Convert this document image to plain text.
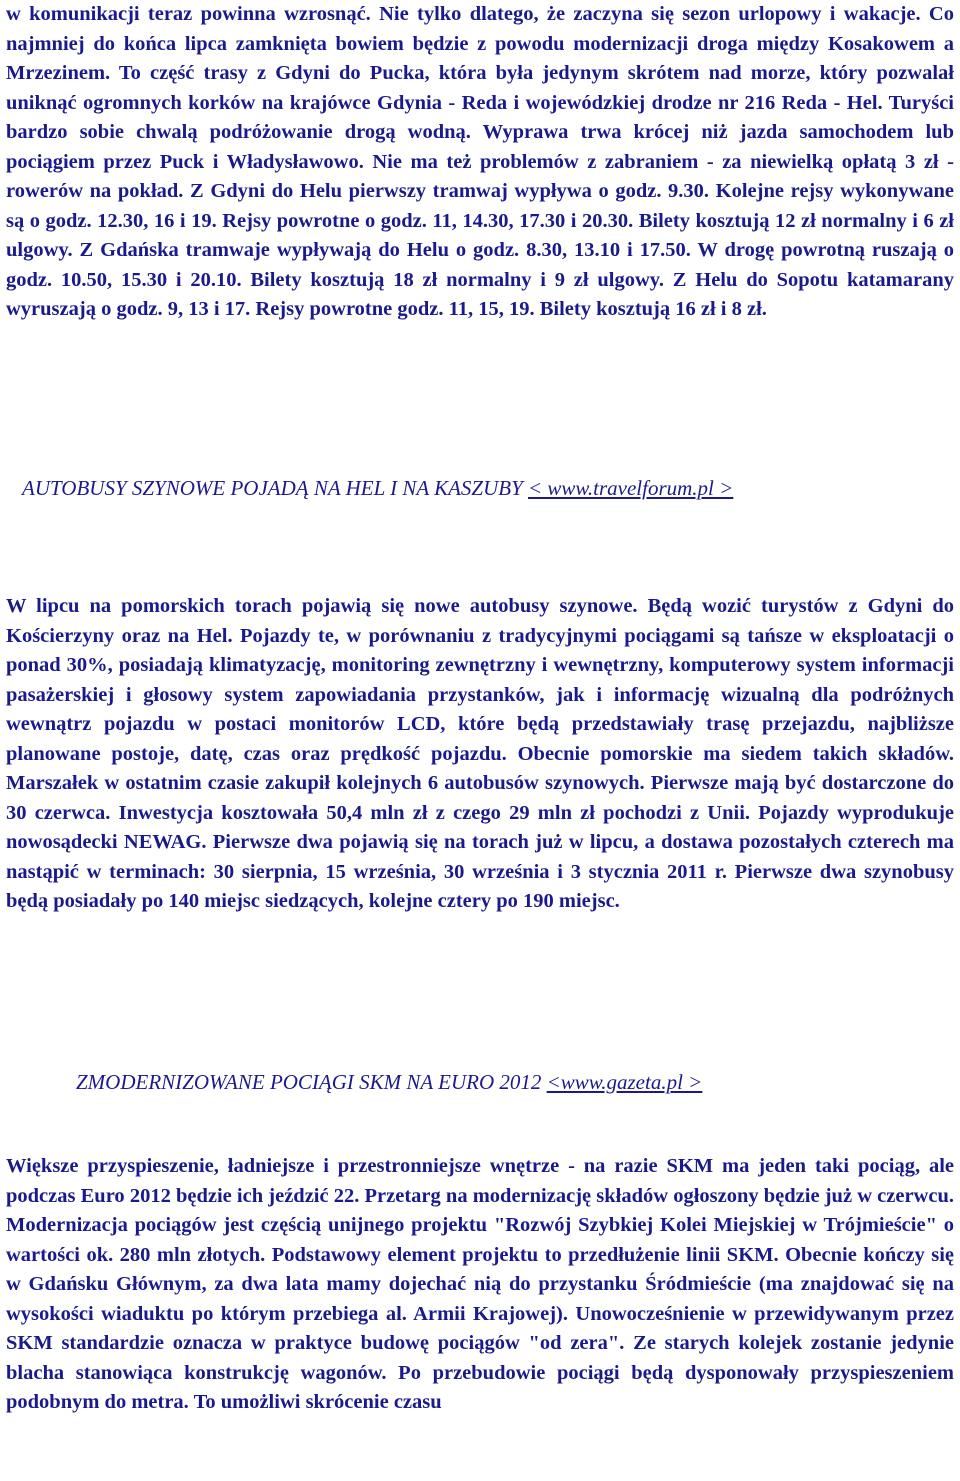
w komunikacji teraz powinna wzrosnąć. Nie tylko dlatego, że zaczyna się sezon urlopowy i wakacje. Co najmniej do końca lipca zamknięta bowiem będzie z powodu modernizacji droga między Kosakowem a Mrzezinem. To część trasy z Gdyni do Pucka, która była jedynym skrótem nad morze, który pozwalał uniknąć ogromnych korków na krajówce Gdynia - Reda i wojewódzkiej drodze nr 216 Reda - Hel. Turyści bardzo sobie chwalą podróżowanie drogą wodną. Wyprawa trwa krócej niż jazda samochodem lub pociągiem przez Puck i Władysławowo. Nie ma też problemów z zabraniem - za niewielką opłatą 3 zł - rowerów na pokład. Z Gdyni do Helu pierwszy tramwaj wypływa o godz. 9.30. Kolejne rejsy wykonywane są o godz. 12.30, 16 i 19. Rejsy powrotne o godz. 11, 14.30, 17.30 i 20.30. Bilety kosztują 12 zł normalny i 6 zł ulgowy. Z Gdańska tramwaje wypływają do Helu o godz. 8.30, 13.10 i 17.50. W drogę powrotną ruszają o godz. 10.50, 15.30 i 20.10. Bilety kosztują 18 zł normalny i 9 zł ulgowy. Z Helu do Sopotu katamarany wyruszają o godz. 9, 13 i 17. Rejsy powrotne godz. 11, 15, 19. Bilety kosztują 16 zł i 8 zł.

AUTOBUSY SZYNOWE POJADĄ NA HEL I NA KASZUBY < www.travelforum.pl >

W lipcu na pomorskich torach pojawią się nowe autobusy szynowe. Będą wozić turystów z Gdyni do Kościerzyny oraz na Hel. Pojazdy te, w porównaniu z tradycyjnymi pociągami są tańsze w eksploatacji o ponad 30%, posiadają klimatyzację, monitoring zewnętrzny i wewnętrzny, komputerowy system informacji pasażerskiej i głosowy system zapowiadania przystanków, jak i informację wizualną dla podróżnych wewnątrz pojazdu w postaci monitorów LCD, które będą przedstawiały trasę przejazdu, najbliższe planowane postoje, datę, czas oraz prędkość pojazdu. Obecnie pomorskie ma siedem takich składów. Marszałek w ostatnim czasie zakupił kolejnych 6 autobusów szynowych. Pierwsze mają być dostarczone do 30 czerwca. Inwestycja kosztowała 50,4 mln zł z czego 29 mln zł pochodzi z Unii. Pojazdy wyprodukuje nowosądecki NEWAG. Pierwsze dwa pojawią się na torach już w lipcu, a dostawa pozostałych czterech ma nastąpić w terminach: 30 sierpnia, 15 września, 30 września i 3 stycznia 2011 r. Pierwsze dwa szynobusy będą posiadały po 140 miejsc siedzących, kolejne cztery po 190 miejsc.

ZMODERNIZOWANE POCIĄGI SKM NA EURO 2012 <www.gazeta.pl >

Większe przyspieszenie, ładniejsze i przestronniejsze wnętrze - na razie SKM ma jeden taki pociąg, ale podczas Euro 2012 będzie ich jeździć 22. Przetarg na modernizację składów ogłoszony będzie już w czerwcu. Modernizacja pociągów jest częścią unijnego projektu "Rozwój Szybkiej Kolei Miejskiej w Trójmieście" o wartości ok. 280 mln złotych. Podstawowy element projektu to przedłużenie linii SKM. Obecnie kończy się w Gdańsku Głównym, za dwa lata mamy dojechać nią do przystanku Śródmieście (ma znajdować się na wysokości wiaduktu po którym przebiega al. Armii Krajowej). Unowocześnienie w przewidywanym przez SKM standardzie oznacza w praktyce budowę pociągów "od zera". Ze starych kolejek zostanie jedynie blacha stanowiąca konstrukcję wagonów. Po przebudowie pociągi będą dysponowały przyspieszeniem podobnym do metra. To umożliwi skrócenie czasu
